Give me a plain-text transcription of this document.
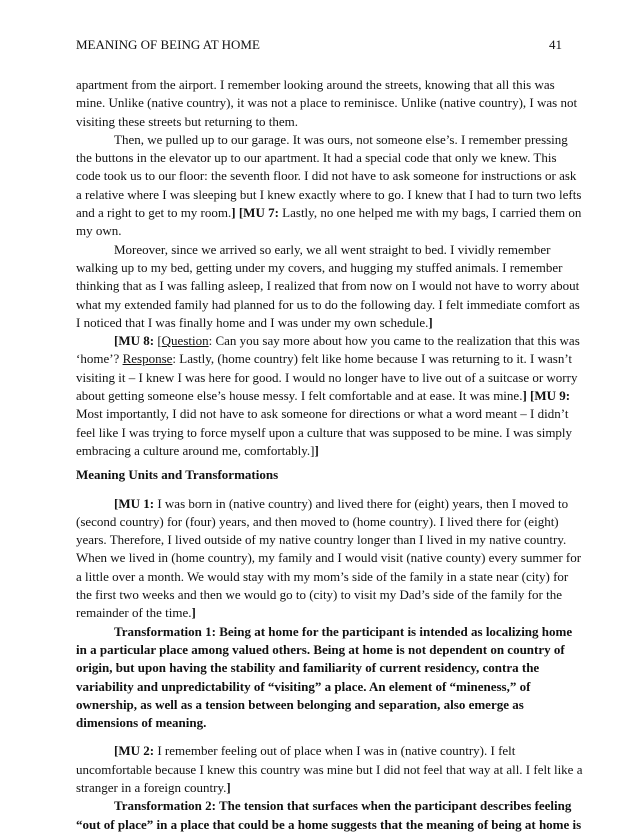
MEANING OF BEING AT HOME	41
apartment from the airport. I remember looking around the streets, knowing that all this was
mine. Unlike (native country), it was not a place to reminisce. Unlike (native country), I was not
visiting these streets but returning to them.
Then, we pulled up to our garage. It was ours, not someone else’s. I remember pressing
the buttons in the elevator up to our apartment. It had a special code that only we knew. This
code took us to our floor: the seventh floor. I did not have to ask someone for instructions or ask
a relative where I was sleeping but I knew exactly where to go. I knew that I had to turn two lefts
and a right to get to my room.] [MU 7: Lastly, no one helped me with my bags, I carried them on
my own.
Moreover, since we arrived so early, we all went straight to bed. I vividly remember
walking up to my bed, getting under my covers, and hugging my stuffed animals. I remember
thinking that as I was falling asleep, I realized that from now on I would not have to worry about
what my extended family had planned for us to do the following day. I felt immediate comfort as
I noticed that I was finally home and I was under my own schedule.]
[MU 8: [Question: Can you say more about how you came to the realization that this was
‘home’? Response: Lastly, (home country) felt like home because I was returning to it. I wasn’t
visiting it – I knew I was here for good. I would no longer have to live out of a suitcase or worry
about getting someone else’s house messy. I felt comfortable and at ease. It was mine.] [MU 9:
Most importantly, I did not have to ask someone for directions or what a word meant – I didn’t
feel like I was trying to force myself upon a culture that was supposed to be mine. I was simply
embracing a culture around me, comfortably.]]
Meaning Units and Transformations
[MU 1: I was born in (native country) and lived there for (eight) years, then I moved to
(second country) for (four) years, and then moved to (home country). I lived there for (eight)
years. Therefore, I lived outside of my native country longer than I lived in my native country.
When we lived in (home country), my family and I would visit (native county) every summer for
a little over a month. We would stay with my mom’s side of the family in a state near (city) for
the first two weeks and then we would go to (city) to visit my Dad’s side of the family for the
remainder of the time.]
Transformation 1: Being at home for the participant is intended as localizing home
in a particular place among valued others. Being at home is not dependent on country of
origin, but upon having the stability and familiarity of current residency, contra the
variability and unpredictability of “visiting” a place. An element of “mineness,” of
ownership, as well as a tension between belonging and separation, also emerge as
dimensions of meaning.
[MU 2: I remember feeling out of place when I was in (native country). I felt
uncomfortable because I knew this country was mine but I did not feel that way at all. I felt like a
stranger in a foreign country.]
Transformation 2: The tension that surfaces when the participant describes feeling
“out of place” in a place that could be a home suggests that the meaning of being at home is
